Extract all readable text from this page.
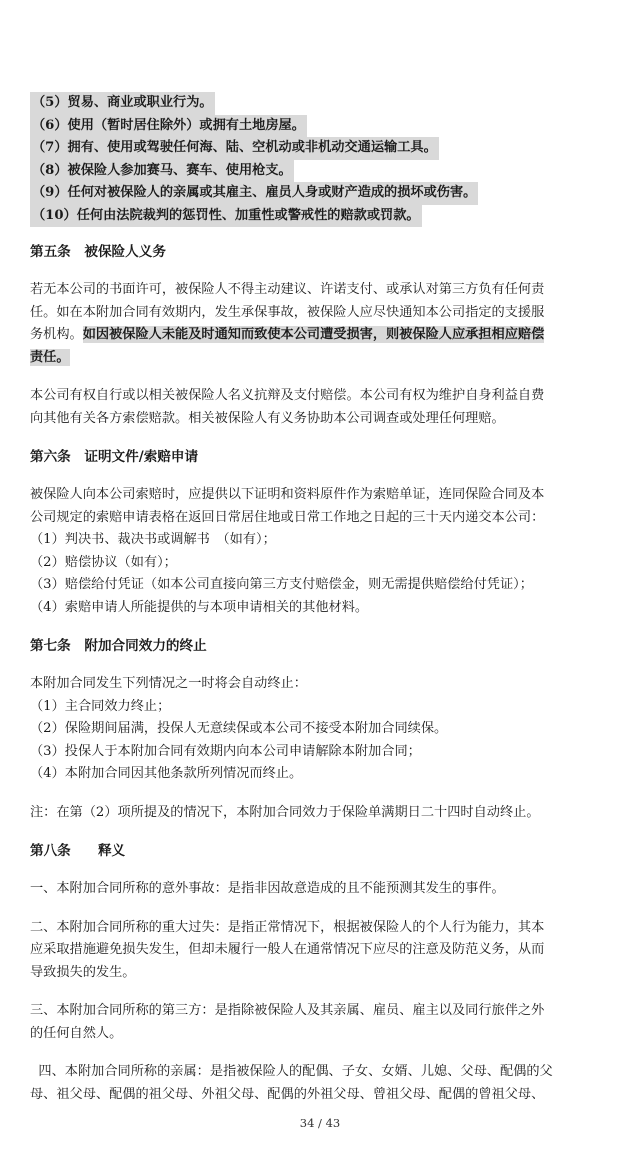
（5）贸易、商业或职业行为。
（6）使用（暂时居住除外）或拥有土地房屋。
（7）拥有、使用或驾驶任何海、陆、空机动或非机动交通运输工具。
（8）被保险人参加赛马、赛车、使用枪支。
（9）任何对被保险人的亲属或其雇主、雇员人身或财产造成的损坏或伤害。
（10）任何由法院裁判的惩罚性、加重性或警戒性的赔款或罚款。
第五条　被保险人义务
若无本公司的书面许可，被保险人不得主动建议、许诺支付、或承认对第三方负有任何责
任。如在本附加合同有效期内，发生承保事故，被保险人应尽快通知本公司指定的支援服
务机构。如因被保险人未能及时通知而致使本公司遭受损害，则被保险人应承担相应赔偿
责任。
本公司有权自行或以相关被保险人名义抗辩及支付赔偿。本公司有权为维护自身利益自费
向其他有关各方索偿赔款。相关被保险人有义务协助本公司调查或处理任何理赔。
第六条　证明文件/索赔申请
被保险人向本公司索赔时，应提供以下证明和资料原件作为索赔单证，连同保险合同及本
公司规定的索赔申请表格在返回日常居住地或日常工作地之日起的三十天内递交本公司：
（1）判决书、裁决书或调解书　（如有）；
（2）赔偿协议（如有）；
（3）赔偿给付凭证（如本公司直接向第三方支付赔偿金，则无需提供赔偿给付凭证）；
（4）索赔申请人所能提供的与本项申请相关的其他材料。
第七条　附加合同效力的终止
本附加合同发生下列情况之一时将会自动终止：
（1）主合同效力终止；
（2）保险期间届满，投保人无意续保或本公司不接受本附加合同续保。
（3）投保人于本附加合同有效期内向本公司申请解除本附加合同；
（4）本附加合同因其他条款所列情况而终止。
注：在第（2）项所提及的情况下，本附加合同效力于保险单满期日二十四时自动终止。
第八条　　释义
一、本附加合同所称的意外事故：是指非因故意造成的且不能预测其发生的事件。
二、本附加合同所称的重大过失：是指正常情况下，根据被保险人的个人行为能力，其本
应采取措施避免损失发生，但却未履行一般人在通常情况下应尽的注意及防范义务，从而
导致损失的发生。
三、本附加合同所称的第三方：是指除被保险人及其亲属、雇员、雇主以及同行旅伴之外
的任何自然人。
四、本附加合同所称的亲属：是指被保险人的配偶、子女、女婿、儿媳、父母、配偶的父
母、祖父母、配偶的祖父母、外祖父母、配偶的外祖父母、曾祖父母、配偶的曾祖父母、
34 / 43
